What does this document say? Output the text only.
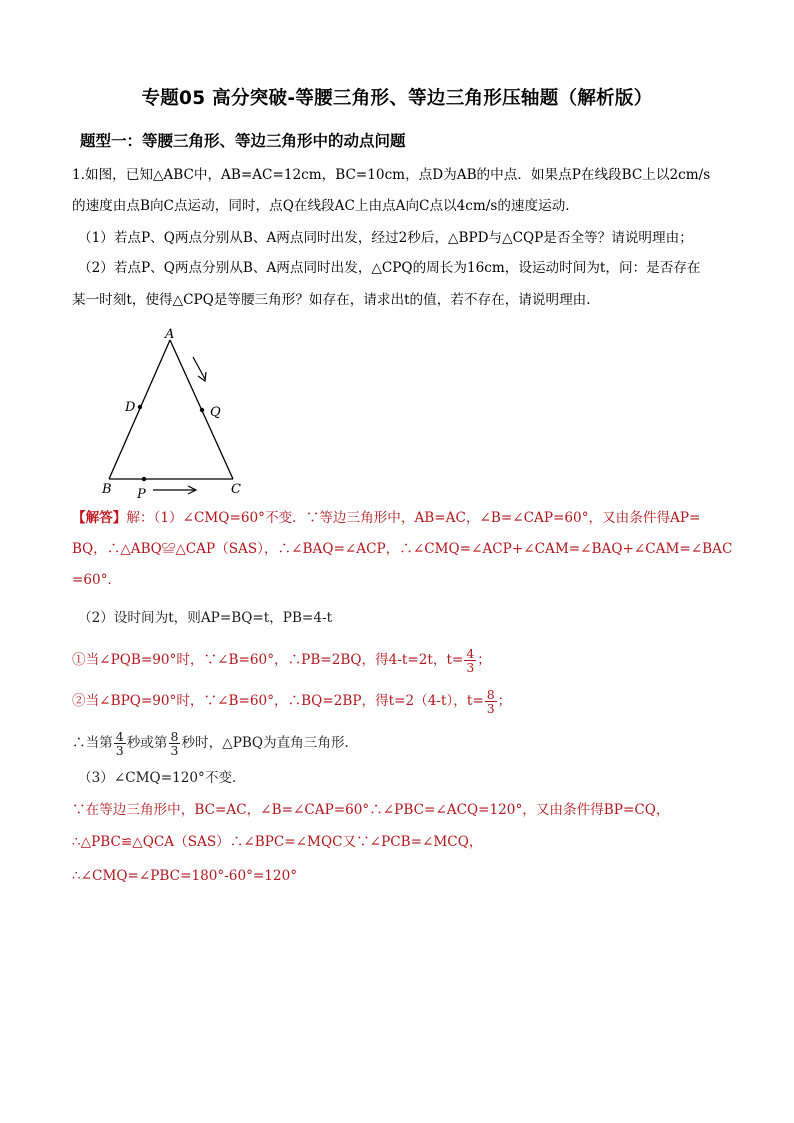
专题05 高分突破-等腰三角形、等边三角形压轴题（解析版）
题型一：等腰三角形、等边三角形中的动点问题
1.如图，已知△ABC中，AB=AC=12cm，BC=10cm，点D为AB的中点．如果点P在线段BC上以2cm/s
的速度由点B向C点运动，同时，点Q在线段AC上由点A向C点以4cm/s的速度运动．
（1）若点P、Q两点分别从B、A两点同时出发，经过2秒后，△BPD与△CQP是否全等？请说明理由；
（2）若点P、Q两点分别从B、A两点同时出发，△CPQ的周长为16cm，设运动时间为t，问：是否存在
某一时刻t，使得△CPQ是等腰三角形？如存在，请求出t的值，若不存在，请说明理由．
A
B	C
D	Q
P
【解答】解：（1）∠CMQ=60°不变．∵等边三角形中，AB=AC，∠B=∠CAP=60°，又由条件得AP=
BQ，∴△ABQ≌△CAP（SAS），∴∠BAQ=∠ACP，∴∠CMQ=∠ACP+∠CAM=∠BAQ+∠CAM=∠BAC
=60°．
（2）设时间为t，则AP=BQ=t，PB=4-t
①当∠PQB=90°时，∵∠B=60°，∴PB=2BQ，得4-t=2t，$t= \frac{4}{3}$ ；
②当∠BPQ=90°时，∵∠B=60°，∴BQ=2BP，得t=2（4-t），$t= \frac{8}{3}$ ；
∴当第 $\frac{4}{3}$ 秒或第 $\frac{8}{3}$ 秒时，△PBQ为直角三角形．
（3）∠CMQ=120°不变．
∵在等边三角形中，BC=AC，∠B=∠CAP=60°∴∠PBC=∠ACQ=120°，又由条件得BP=CQ，
∴△PBC≌△QCA（SAS）∴∠BPC=∠MQC又∵∠PCB=∠MCQ，
∴∠CMQ=∠PBC=180°-60°=120°
